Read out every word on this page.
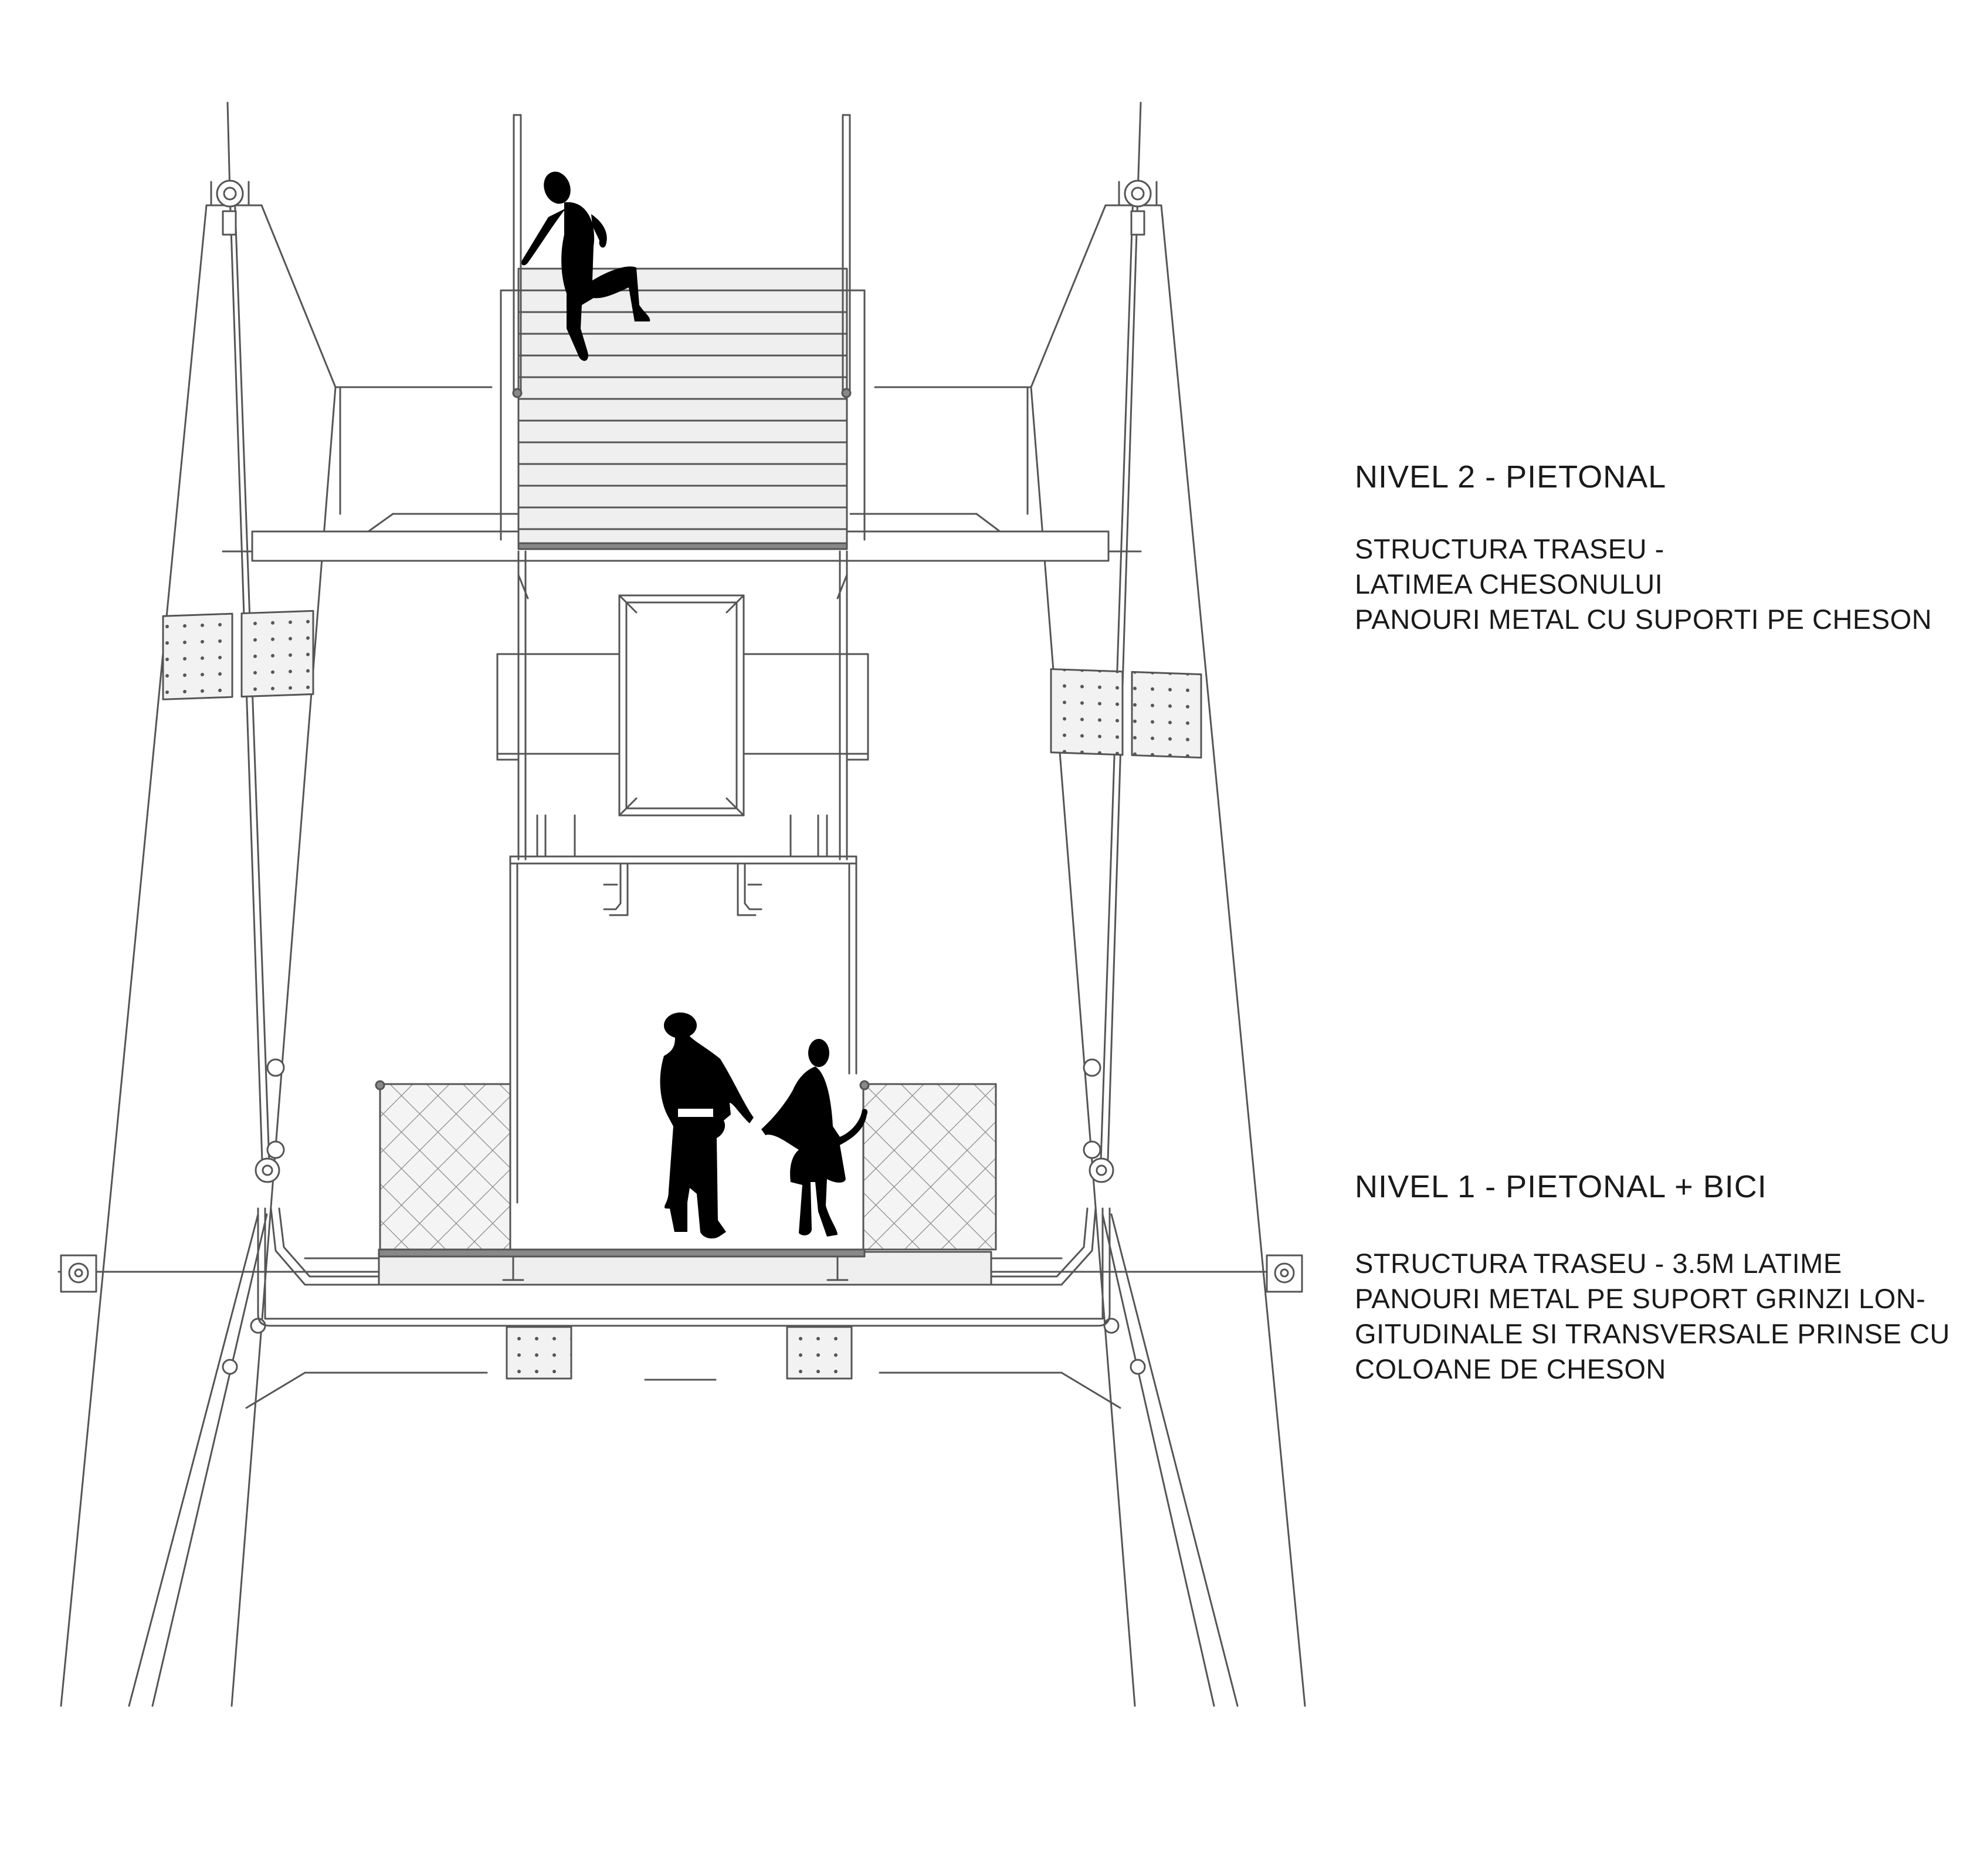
NIVEL 2 - PIETONAL

STRUCTURA TRASEU -

LATIMEA CHESONULUI

PANOURI METAL CU SUPORTI PE CHESON

NIVEL 1 - PIETONAL + BICI

STRUCTURA TRASEU - 3.5M LATIME

PANOURI METAL PE SUPORT GRINZI LON-

GITUDINALE SI TRANSVERSALE PRINSE CU

COLOANE DE CHESON
